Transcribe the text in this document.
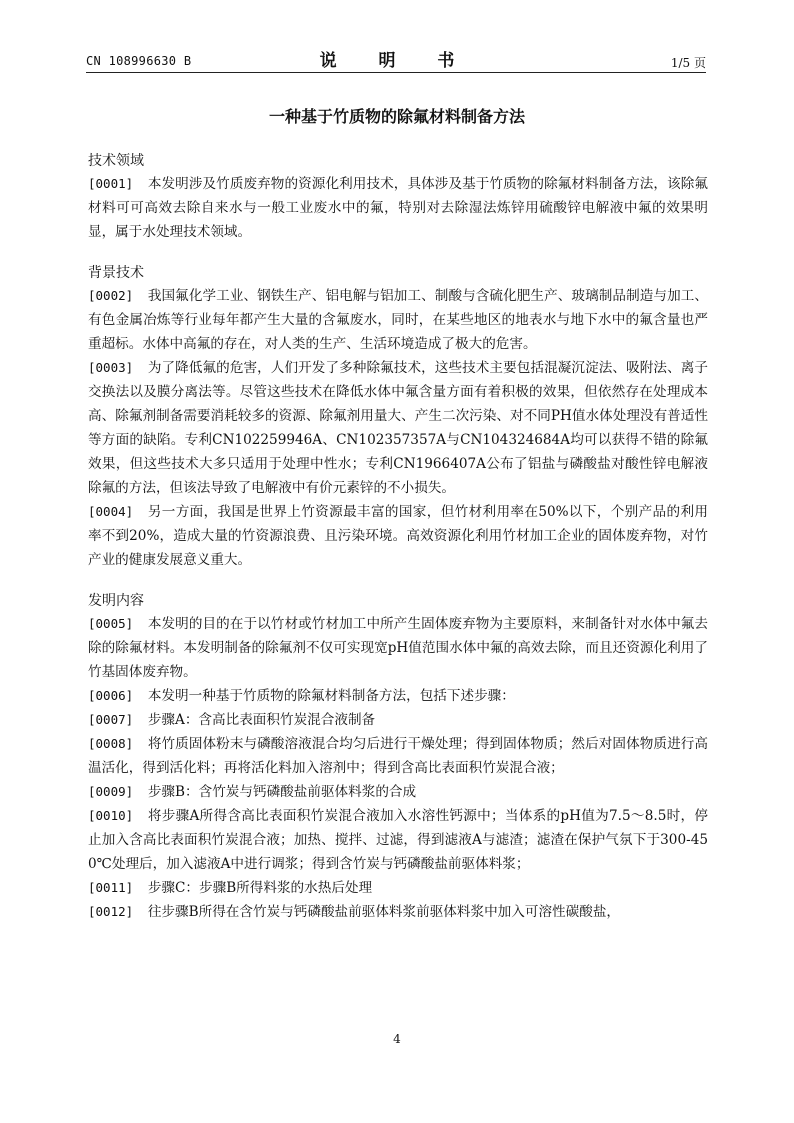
CN 108996630 B	说 明 书	1/5 页
一种基于竹质物的除氟材料制备方法
技术领域
[0001] 本发明涉及竹质废弃物的资源化利用技术，具体涉及基于竹质物的除氟材料制备方法，该除氟材料可可高效去除自来水与一般工业废水中的氟，特别对去除湿法炼锌用硫酸锌电解液中氟的效果明显，属于水处理技术领域。
背景技术
[0002] 我国氟化学工业、钢铁生产、铝电解与铝加工、制酸与含硫化肥生产、玻璃制品制造与加工、有色金属冶炼等行业每年都产生大量的含氟废水，同时，在某些地区的地表水与地下水中的氟含量也严重超标。水体中高氟的存在，对人类的生产、生活环境造成了极大的危害。
[0003] 为了降低氟的危害，人们开发了多种除氟技术，这些技术主要包括混凝沉淀法、吸附法、离子交换法以及膜分离法等。尽管这些技术在降低水体中氟含量方面有着积极的效果，但依然存在处理成本高、除氟剂制备需要消耗较多的资源、除氟剂用量大、产生二次污染、对不同PH值水体处理没有普适性等方面的缺陷。专利CN102259946A、CN102357357A与CN104324684A均可以获得不错的除氟效果，但这些技术大多只适用于处理中性水；专利CN1966407A公布了铝盐与磷酸盐对酸性锌电解液除氟的方法，但该法导致了电解液中有价元素锌的不小损失。
[0004] 另一方面，我国是世界上竹资源最丰富的国家，但竹材利用率在50%以下，个别产品的利用率不到20%，造成大量的竹资源浪费、且污染环境。高效资源化利用竹材加工企业的固体废弃物，对竹产业的健康发展意义重大。
发明内容
[0005] 本发明的目的在于以竹材或竹材加工中所产生固体废弃物为主要原料，来制备针对水体中氟去除的除氟材料。本发明制备的除氟剂不仅可实现宽pH值范围水体中氟的高效去除，而且还资源化利用了竹基固体废弃物。
[0006] 本发明一种基于竹质物的除氟材料制备方法，包括下述步骤：
[0007] 步骤A：含高比表面积竹炭混合液制备
[0008] 将竹质固体粉末与磷酸溶液混合均匀后进行干燥处理；得到固体物质；然后对固体物质进行高温活化，得到活化料；再将活化料加入溶剂中；得到含高比表面积竹炭混合液；
[0009] 步骤B：含竹炭与钙磷酸盐前驱体料浆的合成
[0010] 将步骤A所得含高比表面积竹炭混合液加入水溶性钙源中；当体系的pH值为7.5～8.5时，停止加入含高比表面积竹炭混合液；加热、搅拌、过滤，得到滤液A与滤渣；滤渣在保护气氛下于300-450℃处理后，加入滤液A中进行调浆；得到含竹炭与钙磷酸盐前驱体料浆；
[0011] 步骤C：步骤B所得料浆的水热后处理
[0012] 往步骤B所得在含竹炭与钙磷酸盐前驱体料浆前驱体料浆中加入可溶性碳酸盐，
4
